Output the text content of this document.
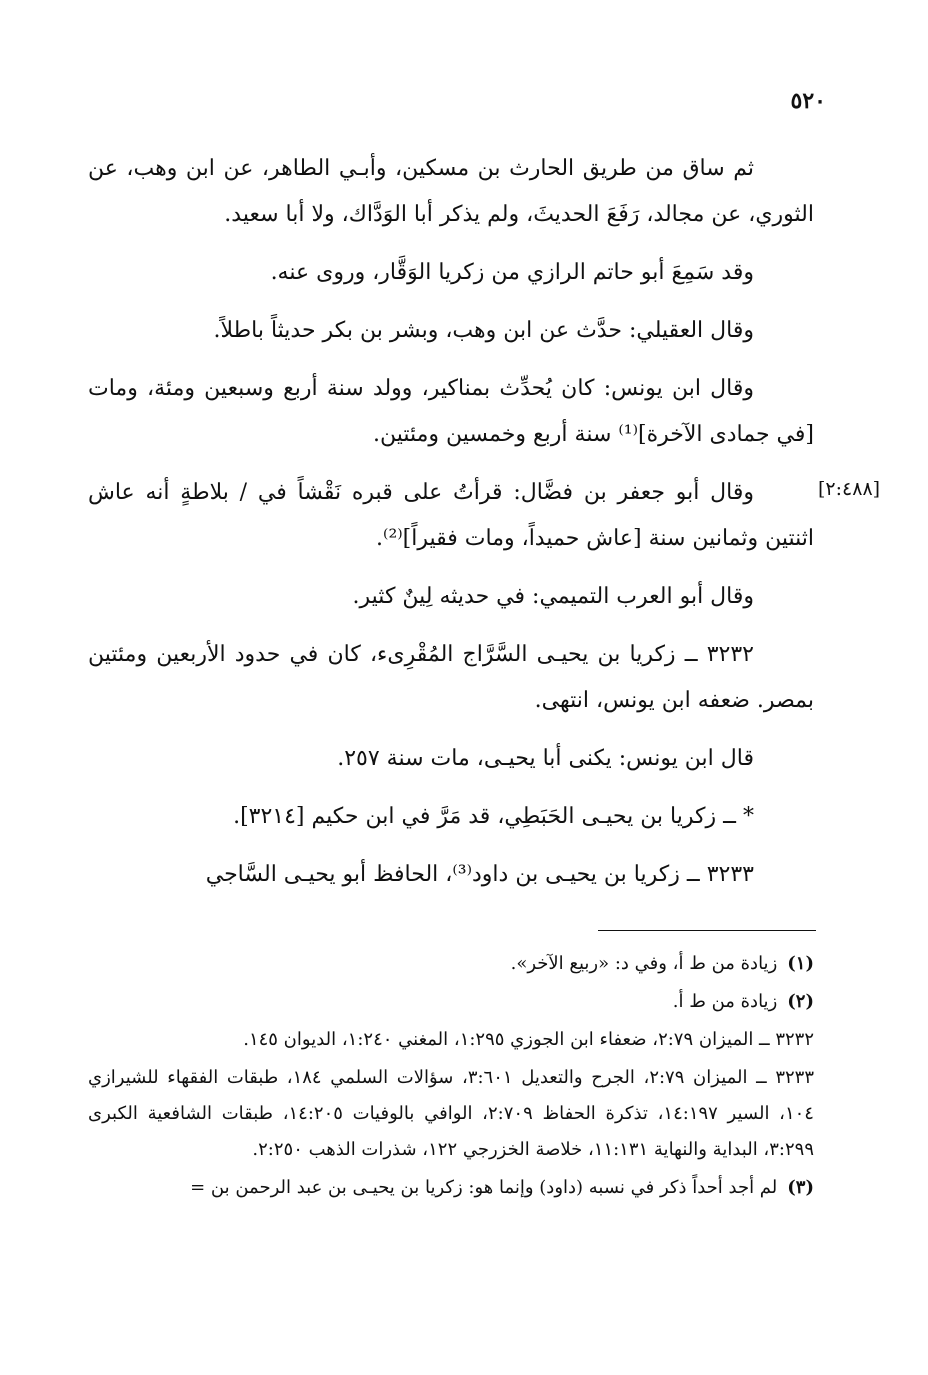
٥٢٠
[٢:٤٨٨]

ثم ساق من طريق الحارث بن مسكين، وأبـي الطاهر، عن ابن وهب، عن الثوري، عن مجالد، رَفَعَ الحديثَ، ولم يذكر أبا الوَدَّاك، ولا أبا سعيد.

وقد سَمِعَ أبو حاتم الرازي من زكريا الوَقَّار، وروى عنه.

وقال العقيلي: حدَّث عن ابن وهب، وبشر بن بكر حديثاً باطلاً.

وقال ابن يونس: كان يُحدِّث بمناكير، وولد سنة أربع وسبعين ومئة، ومات [في جمادى الآخرة]⁽¹⁾ سنة أربع وخمسين ومئتين.

وقال أبو جعفر بن فضَّال: قرأتُ على قبره نَقْشاً في / بلاطةٍ أنه عاش اثنتين وثمانين سنة [عاش حميداً، ومات فقيراً]⁽²⁾.

وقال أبو العرب التميمي: في حديثه لِينٌ كثير.

٣٢٣٢ ــ زكريا بن يحيـى السَّرَّاج المُقْرِىء، كان في حدود الأربعين ومئتين بمصر. ضعفه ابن يونس، انتهى.

قال ابن يونس: يكنى أبا يحيـى، مات سنة ٢٥٧.

* ــ زكريا بن يحيـى الحَبَطِي، قد مَرَّ في ابن حكيم [٣٢١٤].

٣٢٣٣ ــ زكريا بن يحيـى بن داود⁽³⁾، الحافظ أبو يحيـى السَّاجي

(١)زيادة من ط أ، وفي د: «ربيع الآخر».
(٢)زيادة من ط أ.
٣٢٣٢ ــ الميزان ٢:٧٩، ضعفاء ابن الجوزي ١:٢٩٥، المغني ١:٢٤٠، الديوان ١٤٥.
٣٢٣٣ ــ الميزان ٢:٧٩، الجرح والتعديل ٣:٦٠١، سؤالات السلمي ١٨٤، طبقات الفقهاء للشيرازي ١٠٤، السير ١٤:١٩٧، تذكرة الحفاظ ٢:٧٠٩، الوافي بالوفيات ١٤:٢٠٥، طبقات الشافعية الكبرى ٣:٢٩٩، البداية والنهاية ١١:١٣١، خلاصة الخزرجي ١٢٢، شذرات الذهب ٢:٢٥٠.
(٣)لم أجد أحداً ذكر في نسبه (داود) وإنما هو: زكريا بن يحيـى بن عبد الرحمن بن =
